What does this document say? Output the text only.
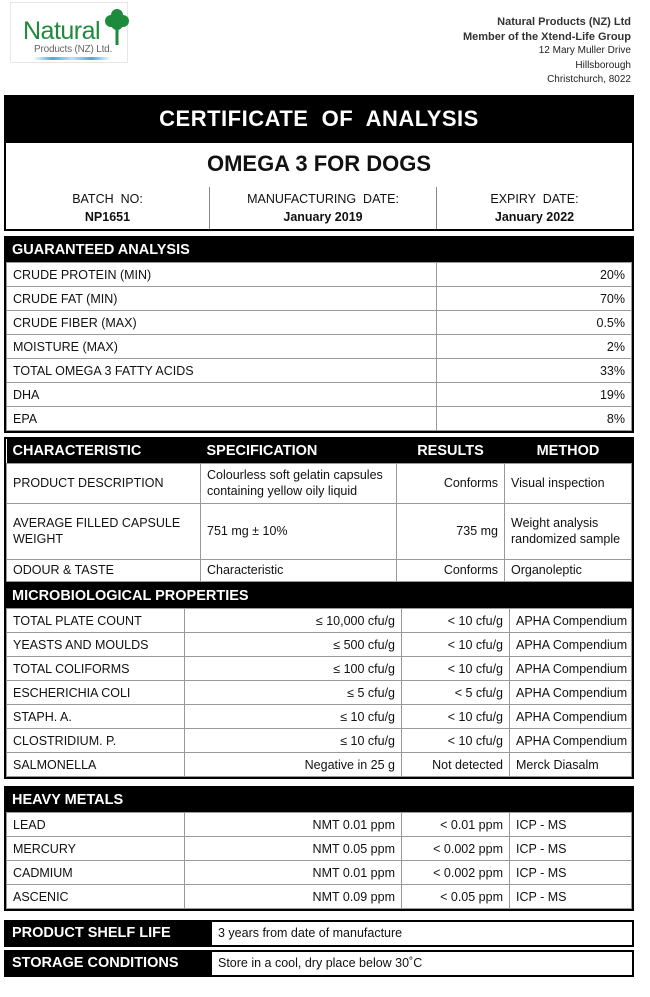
Natural
Products (NZ) Ltd.
Natural Products (NZ) Ltd
Member of the Xtend-Life Group
12 Mary Muller Drive
Hillsborough
Christchurch, 8022
CERTIFICATE  OF  ANALYSIS
OMEGA 3 FOR DOGS
BATCH  NO:
NP1651
MANUFACTURING  DATE:
January 2019
EXPIRY  DATE:
January 2022
GUARANTEED ANALYSIS
CRUDE PROTEIN (MIN)	20%
CRUDE FAT (MIN)	70%
CRUDE FIBER (MAX)	0.5%
MOISTURE (MAX)	2%
TOTAL OMEGA 3 FATTY ACIDS	33%
DHA	19%
EPA	8%
CHARACTERISTIC	SPECIFICATION	RESULTS	METHOD
PRODUCT DESCRIPTION	Colourless soft gelatin capsules containing yellow oily liquid	Conforms	Visual inspection
AVERAGE FILLED CAPSULE WEIGHT	751 mg ± 10%	735 mg	Weight analysis randomized sample
ODOUR & TASTE	Characteristic	Conforms	Organoleptic
MICROBIOLOGICAL PROPERTIES
TOTAL PLATE COUNT	≤ 10,000 cfu/g	< 10 cfu/g	APHA Compendium
YEASTS AND MOULDS	≤ 500 cfu/g	< 10 cfu/g	APHA Compendium
TOTAL COLIFORMS	≤ 100 cfu/g	< 10 cfu/g	APHA Compendium
ESCHERICHIA COLI	≤ 5 cfu/g	< 5 cfu/g	APHA Compendium
STAPH. A.	≤ 10 cfu/g	< 10 cfu/g	APHA Compendium
CLOSTRIDIUM. P.	≤ 10 cfu/g	< 10 cfu/g	APHA Compendium
SALMONELLA	Negative in 25 g	Not detected	Merck Diasalm
HEAVY METALS
LEAD	NMT 0.01 ppm	< 0.01 ppm	ICP - MS
MERCURY	NMT 0.05 ppm	< 0.002 ppm	ICP - MS
CADMIUM	NMT 0.01 ppm	< 0.002 ppm	ICP - MS
ASCENIC	NMT 0.09 ppm	< 0.05 ppm	ICP - MS
PRODUCT SHELF LIFE	3 years from date of manufacture
STORAGE CONDITIONS	Store in a cool, dry place below 30˚C
